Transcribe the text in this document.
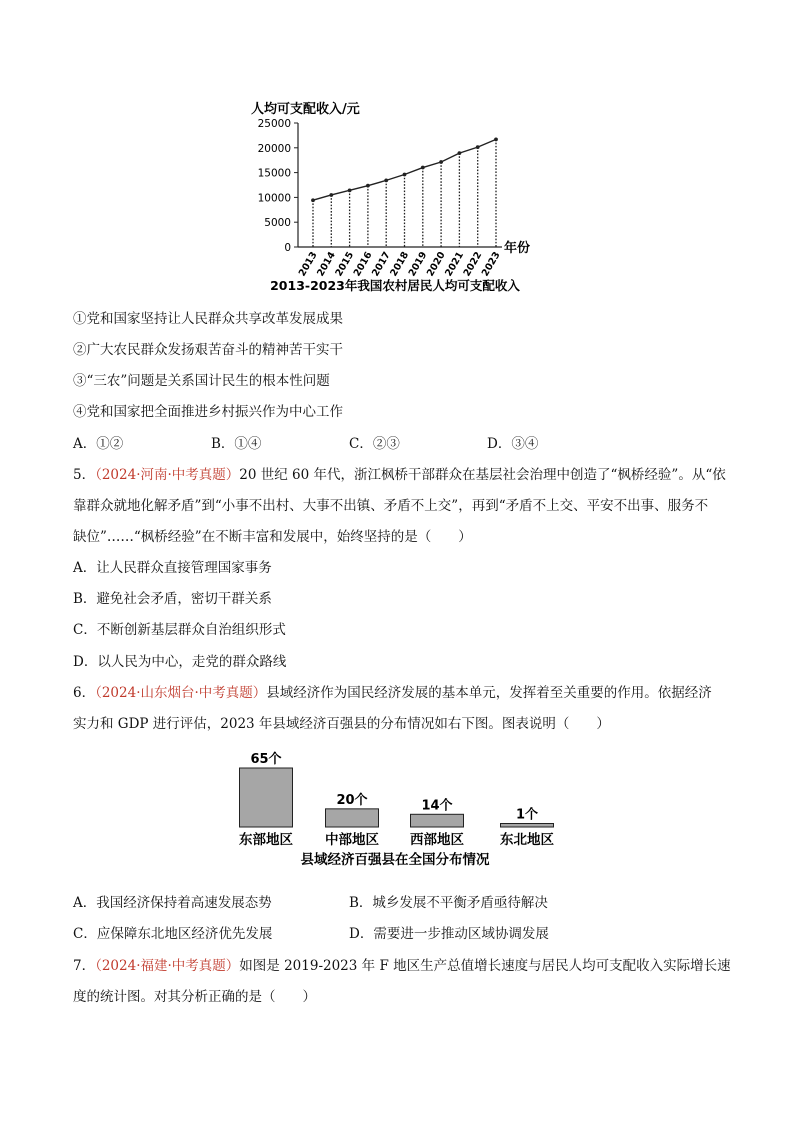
人均可支配收入/元
25000
20000
15000
10000
5000
0
2013
2014
2015
2016
2017
2018
2019
2020
2021
2022
2023
年份
2013-2023年我国农村居民人均可支配收入
①党和国家坚持让人民群众共享改革发展成果
②广大农民群众发扬艰苦奋斗的精神苦干实干
③“三农”问题是关系国计民生的根本性问题
④党和国家把全面推进乡村振兴作为中心工作
A．①②	B．①④	C．②③	D．③④
5．（2024·河南·中考真题）20 世纪 60 年代，浙江枫桥干部群众在基层社会治理中创造了“枫桥经验”。从“依
靠群众就地化解矛盾”到“小事不出村、大事不出镇、矛盾不上交”，再到“矛盾不上交、平安不出事、服务不
缺位”……“枫桥经验”在不断丰富和发展中，始终坚持的是（　　）
A．让人民群众直接管理国家事务
B．避免社会矛盾，密切干群关系
C．不断创新基层群众自治组织形式
D．以人民为中心，走党的群众路线
6．（2024·山东烟台·中考真题）县域经济作为国民经济发展的基本单元，发挥着至关重要的作用。依据经济
实力和 GDP 进行评估，2023 年县域经济百强县的分布情况如右下图。图表说明（　　）
65个
东部地区
20个
中部地区
14个
西部地区
1个
东北地区
县域经济百强县在全国分布情况
A．我国经济保持着高速发展态势	B．城乡发展不平衡矛盾亟待解决
C．应保障东北地区经济优先发展	D．需要进一步推动区域协调发展
7．（2024·福建·中考真题）如图是 2019-2023 年 F 地区生产总值增长速度与居民人均可支配收入实际增长速
度的统计图。对其分析正确的是（　　）
